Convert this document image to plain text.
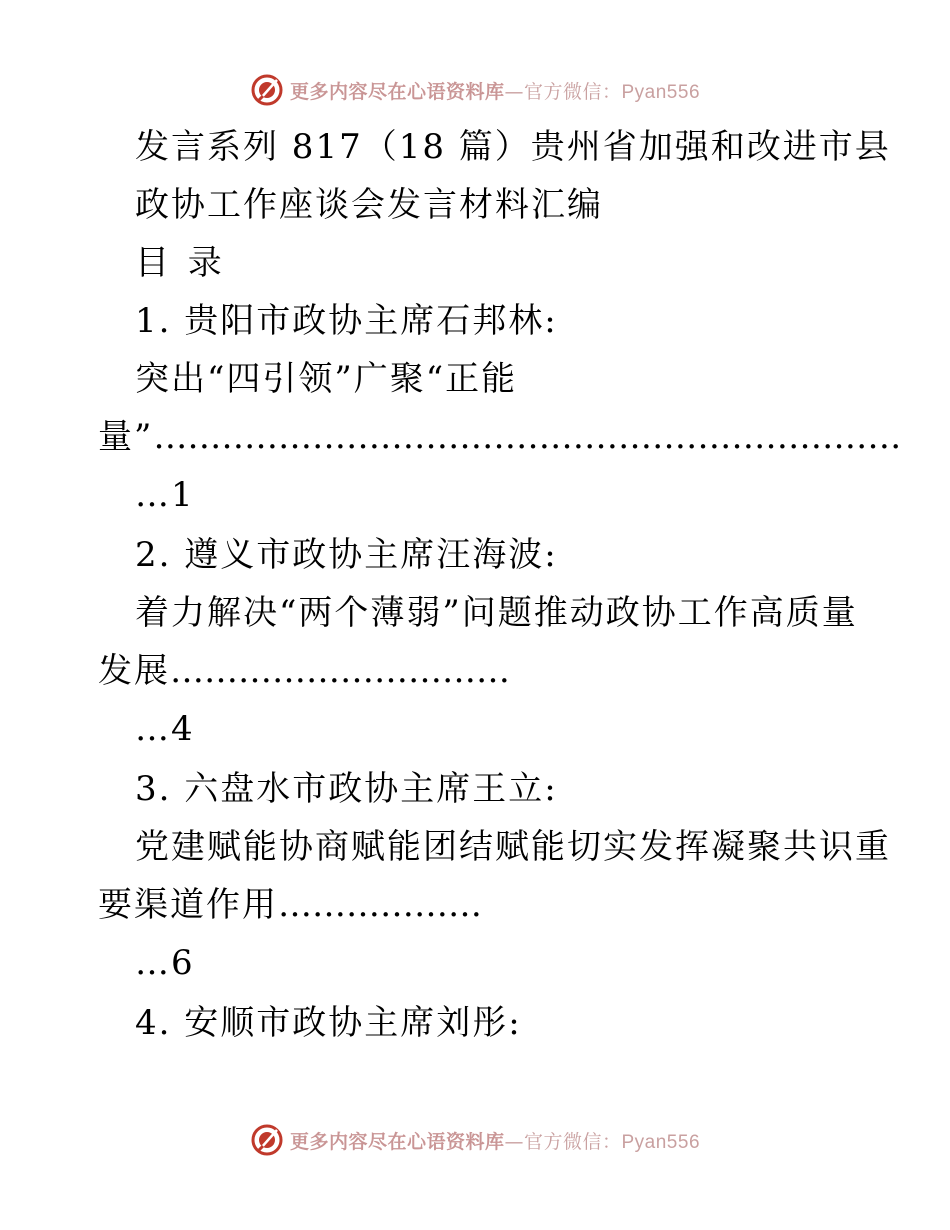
更多内容尽在心语资料库—官方微信：Pyan556
发言系列 817（18 篇）贵州省加强和改进市县
政协工作座谈会发言材料汇编
目 录
1. 贵阳市政协主席石邦林:
突出“四引领”广聚“正能
量”…………………………………………………………
…1
2. 遵义市政协主席汪海波:
着力解决“两个薄弱”问题推动政协工作高质量
发展…………………………
…4
3. 六盘水市政协主席王立:
党建赋能协商赋能团结赋能切实发挥凝聚共识重
要渠道作用………………
…6
4. 安顺市政协主席刘彤:
更多内容尽在心语资料库—官方微信：Pyan556
